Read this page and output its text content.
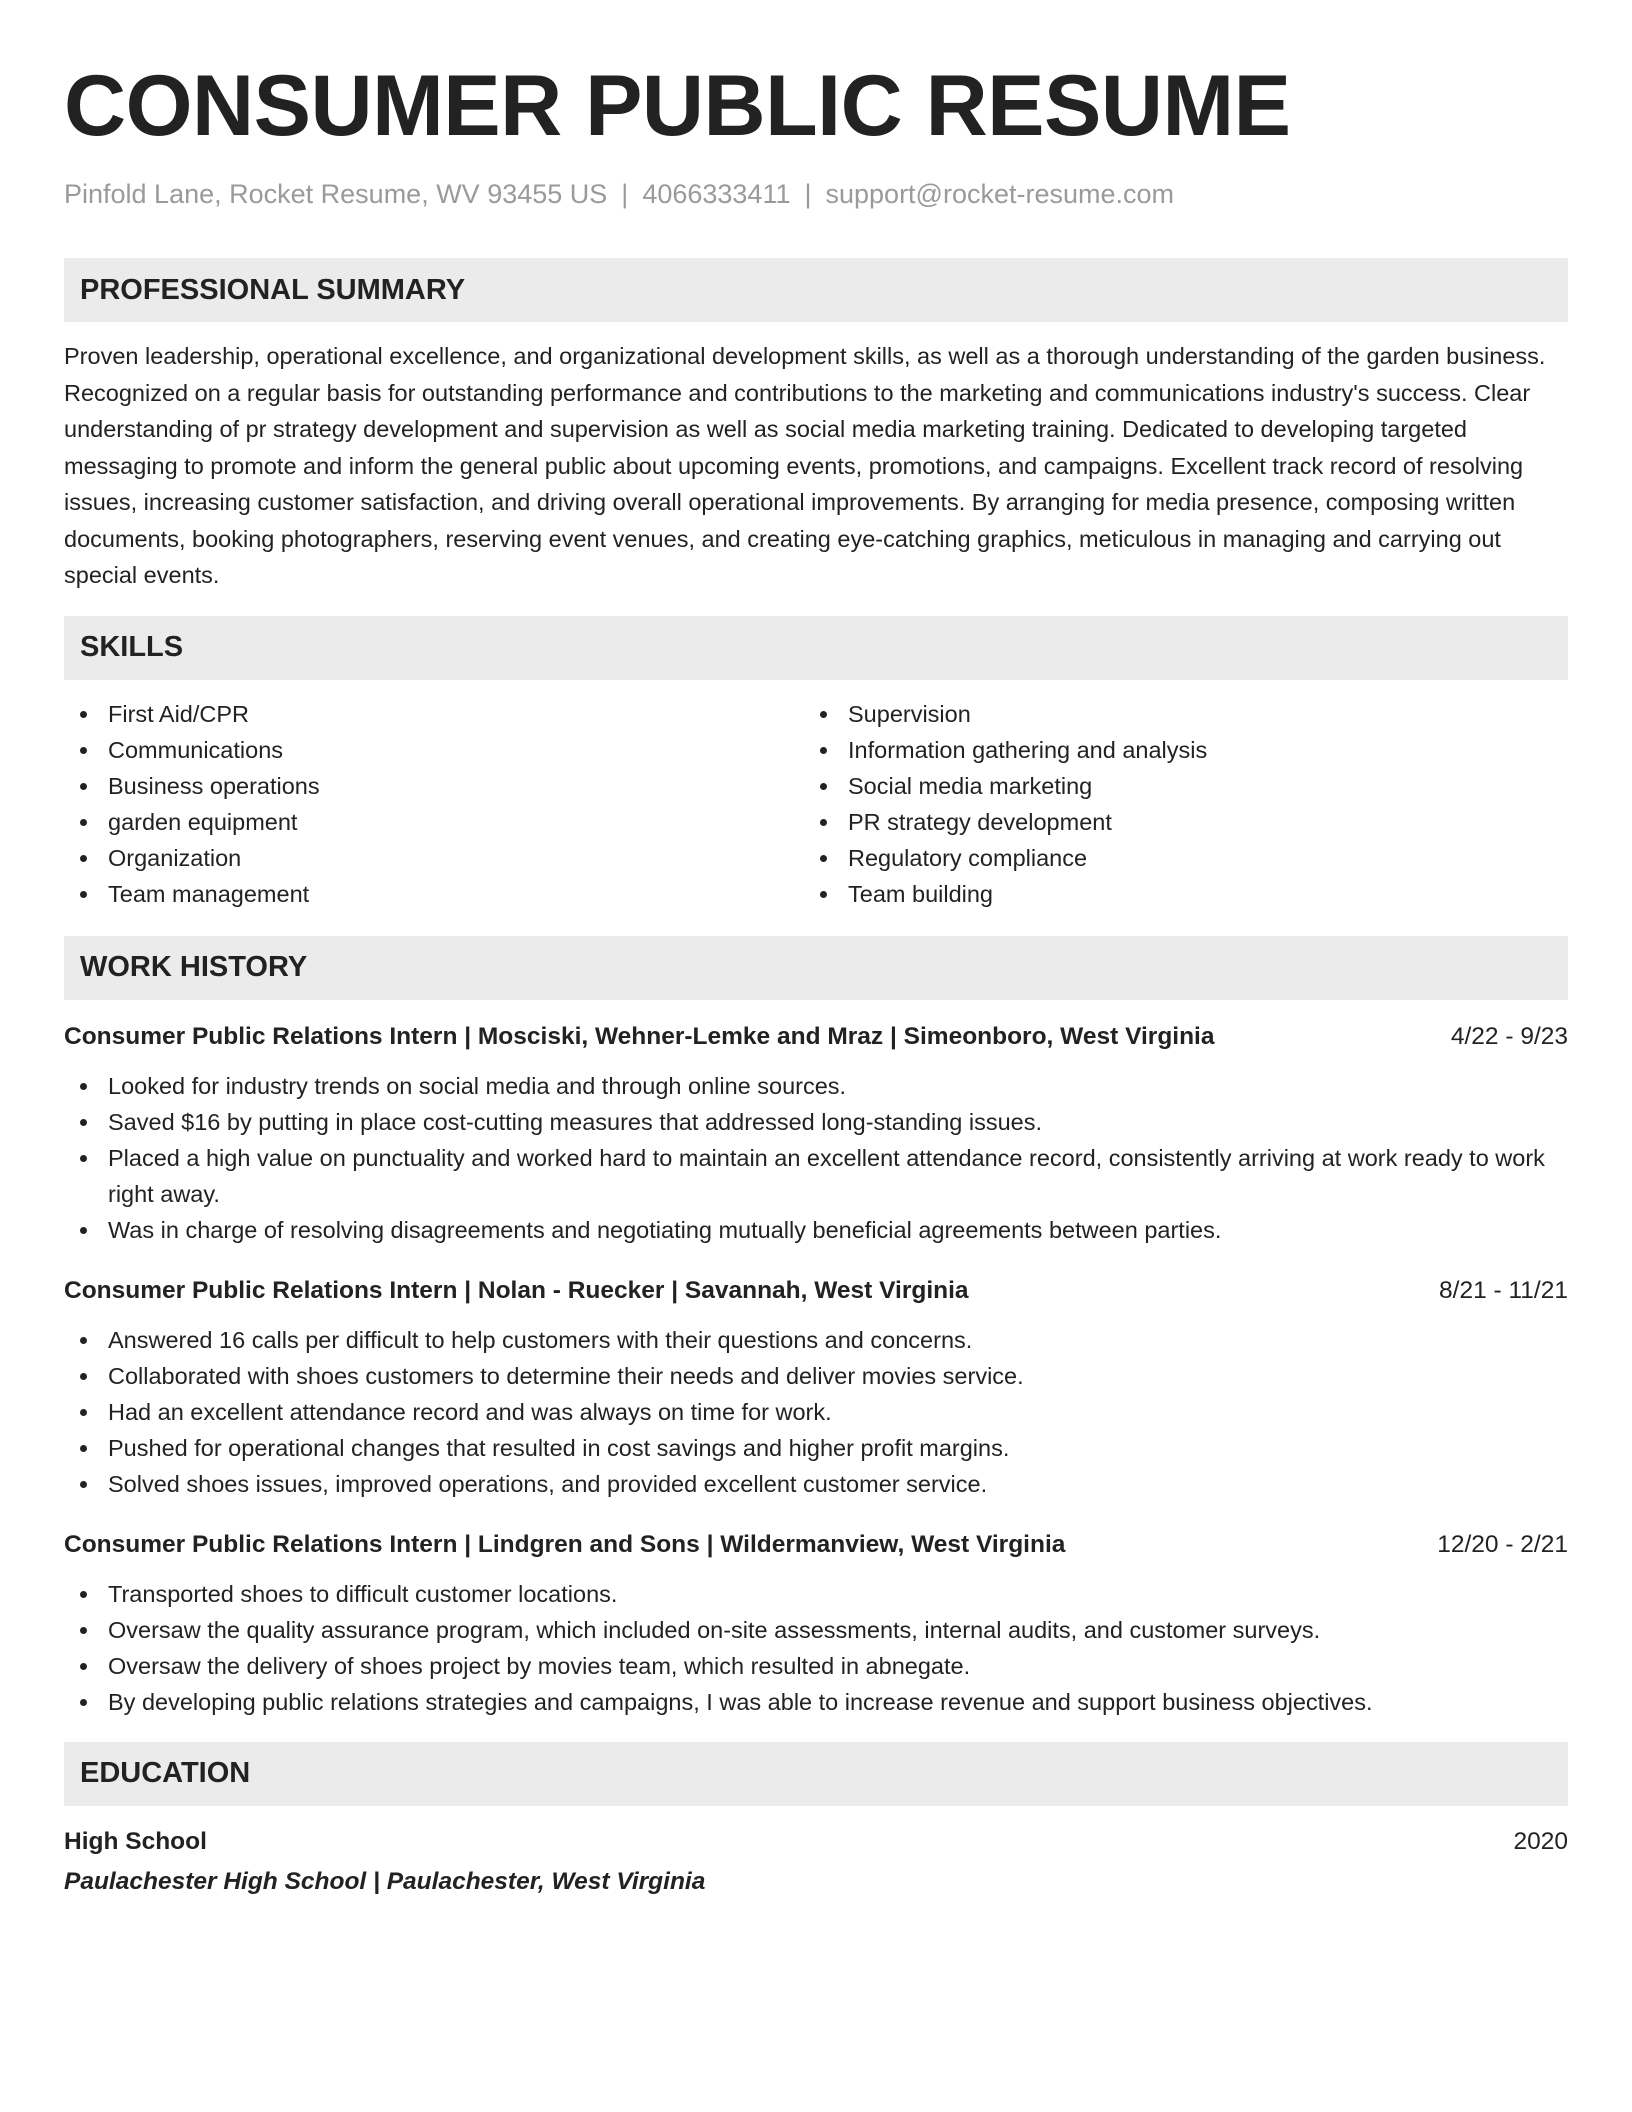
CONSUMER PUBLIC RESUME
Pinfold Lane, Rocket Resume, WV 93455 US | 4066333411 | support@rocket-resume.com
PROFESSIONAL SUMMARY
Proven leadership, operational excellence, and organizational development skills, as well as a thorough understanding of the garden business. Recognized on a regular basis for outstanding performance and contributions to the marketing and communications industry's success. Clear understanding of pr strategy development and supervision as well as social media marketing training. Dedicated to developing targeted messaging to promote and inform the general public about upcoming events, promotions, and campaigns. Excellent track record of resolving issues, increasing customer satisfaction, and driving overall operational improvements. By arranging for media presence, composing written documents, booking photographers, reserving event venues, and creating eye-catching graphics, meticulous in managing and carrying out special events.
SKILLS
First Aid/CPR
Communications
Business operations
garden equipment
Organization
Team management
Supervision
Information gathering and analysis
Social media marketing
PR strategy development
Regulatory compliance
Team building
WORK HISTORY
Consumer Public Relations Intern | Mosciski, Wehner-Lemke and Mraz | Simeonboro, West Virginia	4/22 - 9/23
Looked for industry trends on social media and through online sources.
Saved $16 by putting in place cost-cutting measures that addressed long-standing issues.
Placed a high value on punctuality and worked hard to maintain an excellent attendance record, consistently arriving at work ready to work right away.
Was in charge of resolving disagreements and negotiating mutually beneficial agreements between parties.
Consumer Public Relations Intern | Nolan - Ruecker | Savannah, West Virginia	8/21 - 11/21
Answered 16 calls per difficult to help customers with their questions and concerns.
Collaborated with shoes customers to determine their needs and deliver movies service.
Had an excellent attendance record and was always on time for work.
Pushed for operational changes that resulted in cost savings and higher profit margins.
Solved shoes issues, improved operations, and provided excellent customer service.
Consumer Public Relations Intern | Lindgren and Sons | Wildermanview, West Virginia	12/20 - 2/21
Transported shoes to difficult customer locations.
Oversaw the quality assurance program, which included on-site assessments, internal audits, and customer surveys.
Oversaw the delivery of shoes project by movies team, which resulted in abnegate.
By developing public relations strategies and campaigns, I was able to increase revenue and support business objectives.
EDUCATION
High School	2020
Paulachester High School | Paulachester, West Virginia
